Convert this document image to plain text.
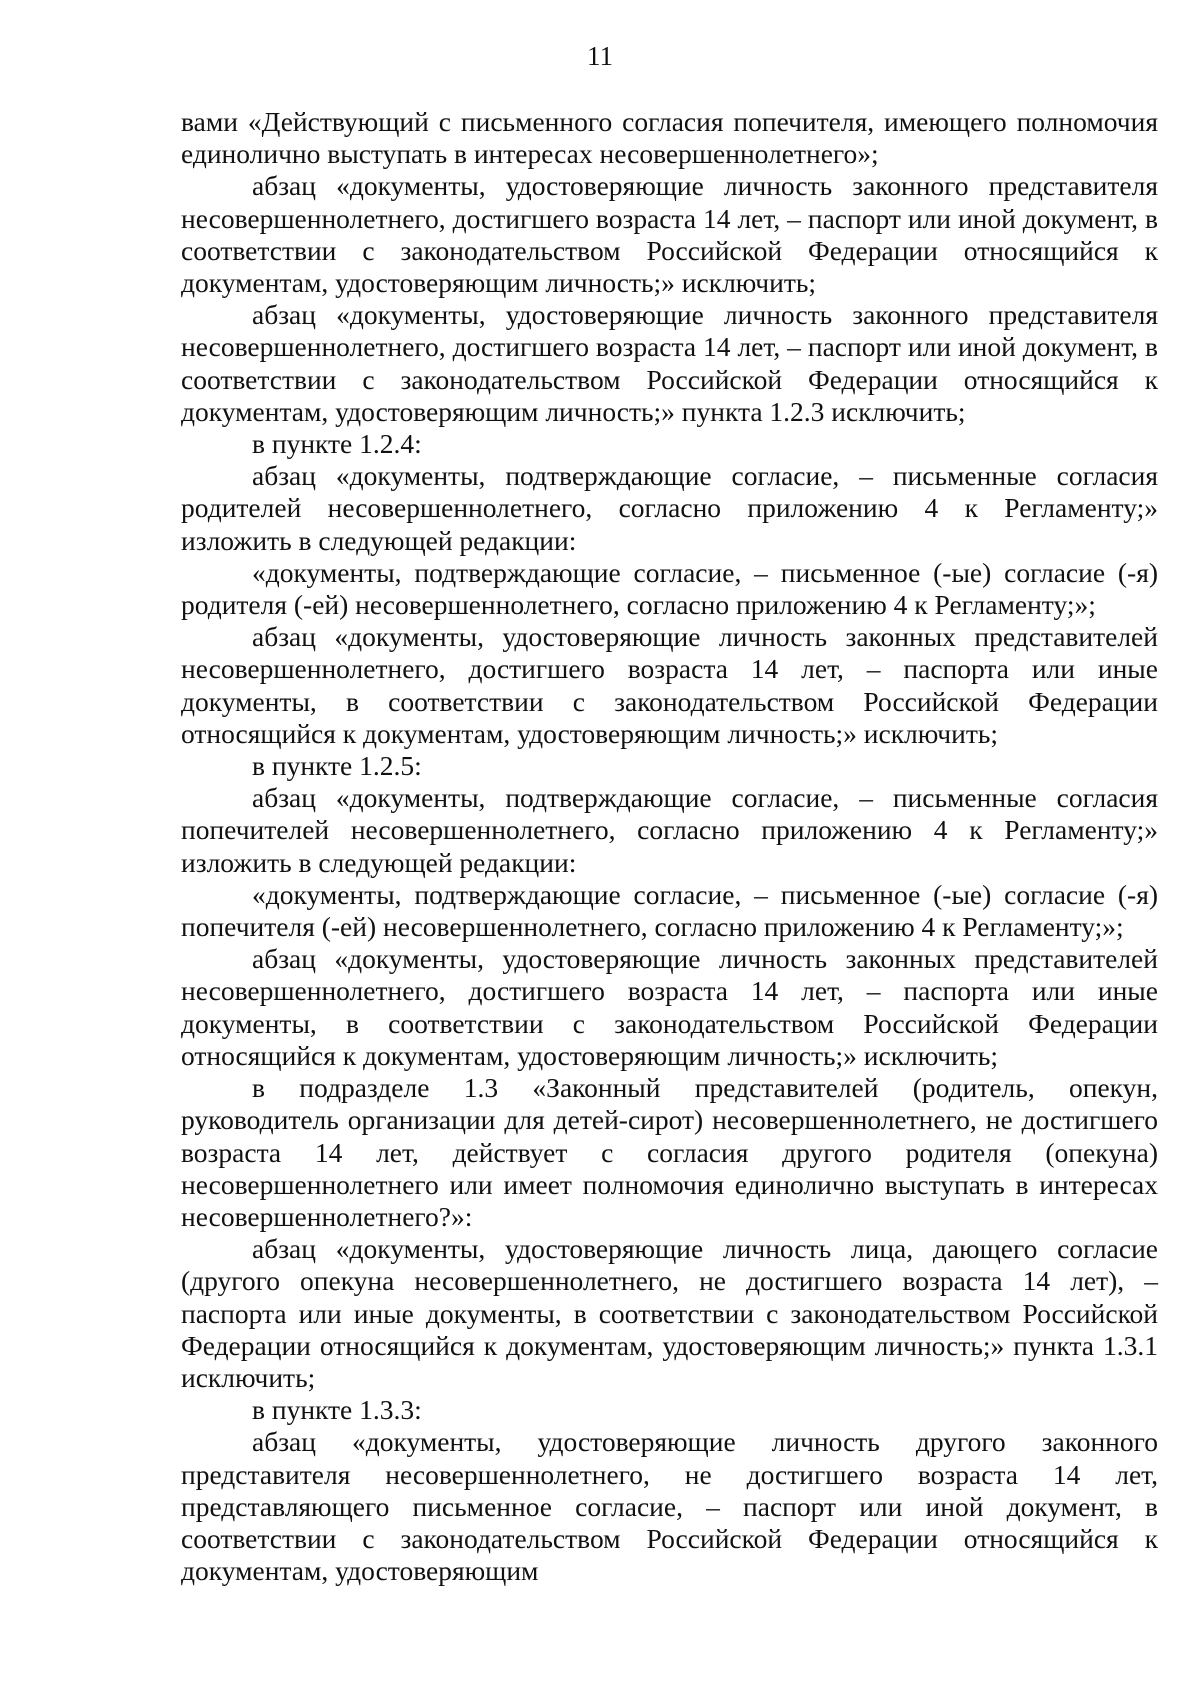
11

вами «Действующий с письменного согласия попечителя, имеющего полномочия единолично выступать в интересах несовершеннолетнего»;

абзац «документы, удостоверяющие личность законного представителя несовершеннолетнего, достигшего возраста 14 лет, – паспорт или иной документ, в соответствии с законодательством Российской Федерации относящийся к документам, удостоверяющим личность;» исключить;

абзац «документы, удостоверяющие личность законного представителя несовершеннолетнего, достигшего возраста 14 лет, – паспорт или иной документ, в соответствии с законодательством Российской Федерации относящийся к документам, удостоверяющим личность;» пункта 1.2.3 исключить;

в пункте 1.2.4:

абзац «документы, подтверждающие согласие, – письменные согласия родителей несовершеннолетнего, согласно приложению 4 к Регламенту;» изложить в следующей редакции:

«документы, подтверждающие согласие, – письменное (-ые) согласие (-я) родителя (-ей) несовершеннолетнего, согласно приложению 4 к Регламенту;»;

абзац «документы, удостоверяющие личность законных представителей несовершеннолетнего, достигшего возраста 14 лет, – паспорта или иные документы, в соответствии с законодательством Российской Федерации относящийся к документам, удостоверяющим личность;» исключить;

в пункте 1.2.5:

абзац «документы, подтверждающие согласие, – письменные согласия попечителей несовершеннолетнего, согласно приложению 4 к Регламенту;» изложить в следующей редакции:

«документы, подтверждающие согласие, – письменное (-ые) согласие (-я) попечителя (-ей) несовершеннолетнего, согласно приложению 4 к Регламенту;»;

абзац «документы, удостоверяющие личность законных представителей несовершеннолетнего, достигшего возраста 14 лет, – паспорта или иные документы, в соответствии с законодательством Российской Федерации относящийся к документам, удостоверяющим личность;» исключить;

в подразделе 1.3 «Законный представителей (родитель, опекун, руководитель организации для детей-сирот) несовершеннолетнего, не достигшего возраста 14 лет, действует с согласия другого родителя (опекуна) несовершеннолетнего или имеет полномочия единолично выступать в интересах несовершеннолетнего?»:

абзац «документы, удостоверяющие личность лица, дающего согласие (другого опекуна несовершеннолетнего, не достигшего возраста 14 лет), – паспорта или иные документы, в соответствии с законодательством Российской Федерации относящийся к документам, удостоверяющим личность;» пункта 1.3.1 исключить;

в пункте 1.3.3:

абзац «документы, удостоверяющие личность другого законного представителя несовершеннолетнего, не достигшего возраста 14 лет, представляющего письменное согласие, – паспорт или иной документ, в соответствии с законодательством Российской Федерации относящийся к документам, удостоверяющим
